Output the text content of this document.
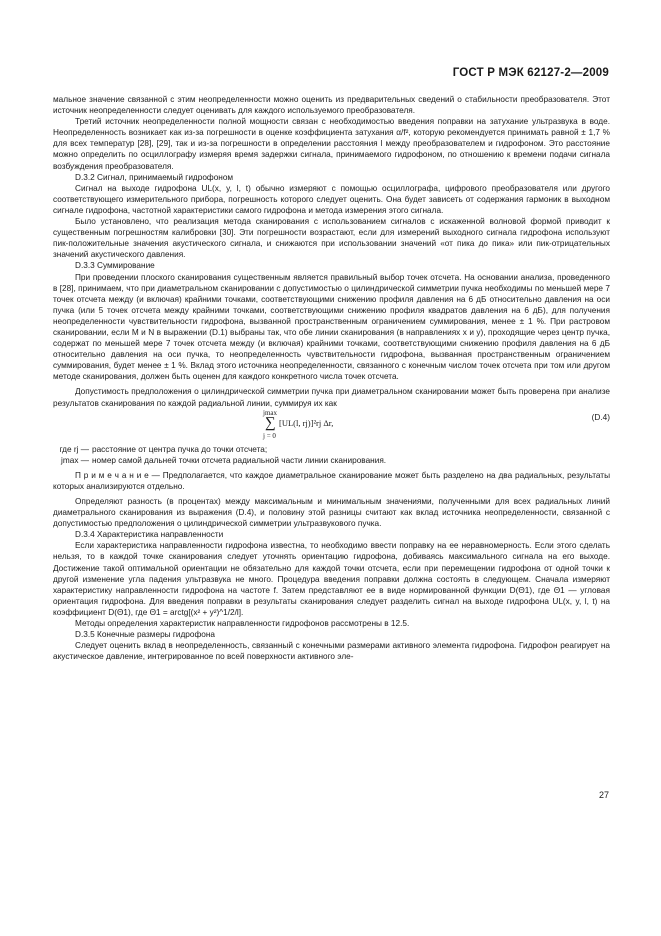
ГОСТ Р МЭК 62127-2—2009

мальное значение связанной с этим неопределенности можно оценить из предварительных сведений о стабильности преобразователя. Этот источник неопределенности следует оценивать для каждого используемого преобразователя.

Третий источник неопределенности полной мощности связан с необходимостью введения поправки на затухание ультразвука в воде. Неопределенность возникает как из-за погрешности в оценке коэффициента затухания α/f², которую рекомендуется принимать равной ± 1,7 % для всех температур [28], [29], так и из-за погрешности в определении расстояния l между преобразователем и гидрофоном. Это расстояние можно определить по осциллографу измеряя время задержки сигнала, принимаемого гидрофоном, по отношению к времени подачи сигнала возбуждения преобразователя.

D.3.2 Сигнал, принимаемый гидрофоном

Сигнал на выходе гидрофона UL(x, y, l, t) обычно измеряют с помощью осциллографа, цифрового преобразователя или другого соответствующего измерительного прибора, погрешность которого следует оценить. Она будет зависеть от содержания гармоник в выходном сигнале гидрофона, частотной характеристики самого гидрофона и метода измерения этого сигнала.

Было установлено, что реализация метода сканирования с использованием сигналов с искаженной волновой формой приводит к существенным погрешностям калибровки [30]. Эти погрешности возрастают, если для измерений выходного сигнала гидрофона используют пик-положительные значения акустического сигнала, и снижаются при использовании значений «от пика до пика» или пик-отрицательных значений акустического давления.

D.3.3 Суммирование

При проведении плоского сканирования существенным является правильный выбор точек отсчета. На основании анализа, проведенного в [28], принимаем, что при диаметральном сканировании с допустимостью о цилиндрической симметрии пучка необходимы по меньшей мере 7 точек отсчета между (и включая) крайними точками, соответствующими снижению профиля давления на 6 дБ относительно давления на оси пучка (или 5 точек отсчета между крайними точками, соответствующими снижению профиля квадратов давления на 6 дБ), для получения неопределенности чувствительности гидрофона, вызванной пространственным ограничением суммирования, менее ± 1 %. При растровом сканировании, если M и N в выражении (D.1) выбраны так, что обе линии сканирования (в направлениях x и y), проходящие через центр пучка, содержат по меньшей мере 7 точек отсчета между (и включая) крайними точками, соответствующими снижению профиля давления на 6 дБ относительно давления на оси пучка, то неопределенность чувствительности гидрофона, вызванная пространственным ограничением суммирования, будет менее ± 1 %. Вклад этого источника неопределенности, связанного с конечным числом точек отсчета при том или другом методе сканирования, должен быть оценен для каждого конкретного числа точек отсчета.

Допустимость предположения о цилиндрической симметрии пучка при диаметральном сканировании может быть проверена при анализе результатов сканирования по каждой радиальной линии, суммируя их как

jmax
∑
j = 0
[UL(l, rj)]²rj Δr,
(D.4)
где rj — расстояние от центра пучка до точки отсчета;
jmax — номер самой дальней точки отсчета радиальной части линии сканирования.

П р и м е ч а н и е — Предполагается, что каждое диаметральное сканирование может быть разделено на два радиальных, результаты которых анализируются отдельно.

Определяют разность (в процентах) между максимальным и минимальным значениями, полученными для всех радиальных линий диаметрального сканирования из выражения (D.4), и половину этой разницы считают как вклад источника неопределенности, связанной с допустимостью предположения о цилиндрической симметрии ультразвукового пучка.

D.3.4 Характеристика направленности

Если характеристика направленности гидрофона известна, то необходимо ввести поправку на ее неравномерность. Если этого сделать нельзя, то в каждой точке сканирования следует уточнять ориентацию гидрофона, добиваясь максимального сигнала на его выходе. Достижение такой оптимальной ориентации не обязательно для каждой точки отсчета, если при перемещении гидрофона от одной точки к другой изменение угла падения ультразвука не много. Процедура введения поправки должна состоять в следующем. Сначала измеряют характеристику направленности гидрофона на частоте f. Затем представляют ее в виде нормированной функции D(Θ1), где Θ1 — угловая ориентация гидрофона. Для введения поправки в результаты сканирования следует разделить сигнал на выходе гидрофона UL(x, y, l, t) на коэффициент D(Θ1), где Θ1 = arctg[(x² + y²)^1/2/l].

Методы определения характеристик направленности гидрофонов рассмотрены в 12.5.

D.3.5 Конечные размеры гидрофона

Следует оценить вклад в неопределенность, связанный с конечными размерами активного элемента гидрофона. Гидрофон реагирует на акустическое давление, интегрированное по всей поверхности активного эле-

27
